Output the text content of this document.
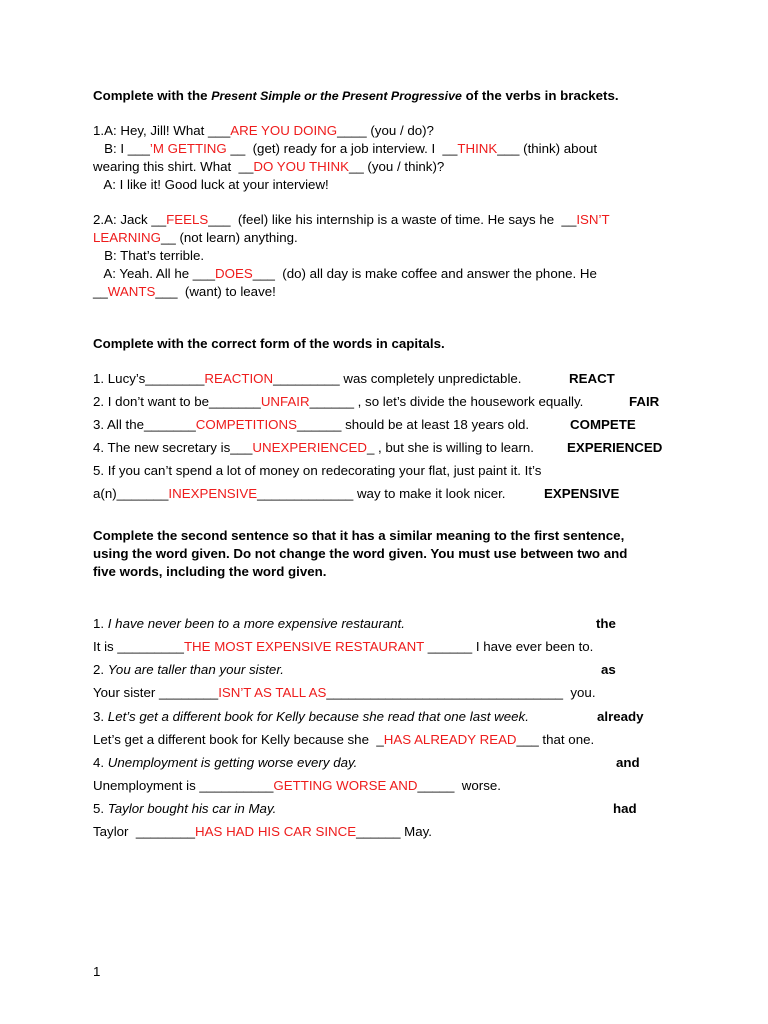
Complete with the Present Simple or the Present Progressive of the verbs in brackets.
1.A: Hey, Jill! What ___ARE YOU DOING____ (you / do)?
B: I ___’M GETTING __  (get) ready for a job interview. I  __THINK___ (think) about
wearing this shirt. What  __DO YOU THINK__ (you / think)?
A: I like it! Good luck at your interview!
2.A: Jack __FEELS___  (feel) like his internship is a waste of time. He says he  __ISN’T
LEARNING__ (not learn) anything.
B: That’s terrible.
A: Yeah. All he ___DOES___  (do) all day is make coffee and answer the phone. He
__WANTS___  (want) to leave!
Complete with the correct form of the words in capitals.
1. Lucy’s________REACTION_________ was completely unpredictable.	REACT
2. I don’t want to be_______UNFAIR______ , so let’s divide the housework equally.	FAIR
3. All the_______COMPETITIONS______ should be at least 18 years old.	COMPETE
4. The new secretary is___UNEXPERIENCED_ , but she is willing to learn. EXPERIENCED
5. If you can’t spend a lot of money on redecorating your flat, just paint it. It’s
a(n)_______INEXPENSIVE_____________ way to make it look nicer.	EXPENSIVE
Complete the second sentence so that it has a similar meaning to the first sentence,
using the word given. Do not change the word given. You must use between two and
five words, including the word given.
1. I have never been to a more expensive restaurant.	the
It is _________THE MOST EXPENSIVE RESTAURANT ______ I have ever been to.
2. You are taller than your sister.	as
Your sister ________ISN’T AS TALL AS________________________________  you.
3. Let’s get a different book for Kelly because she read that one last week.	already
Let’s get a different book for Kelly because she  _HAS ALREADY READ___ that one.
4. Unemployment is getting worse every day.	and
Unemployment is __________GETTING WORSE AND_____  worse.
5. Taylor bought his car in May.	had
Taylor  ________HAS HAD HIS CAR SINCE______ May.
1
